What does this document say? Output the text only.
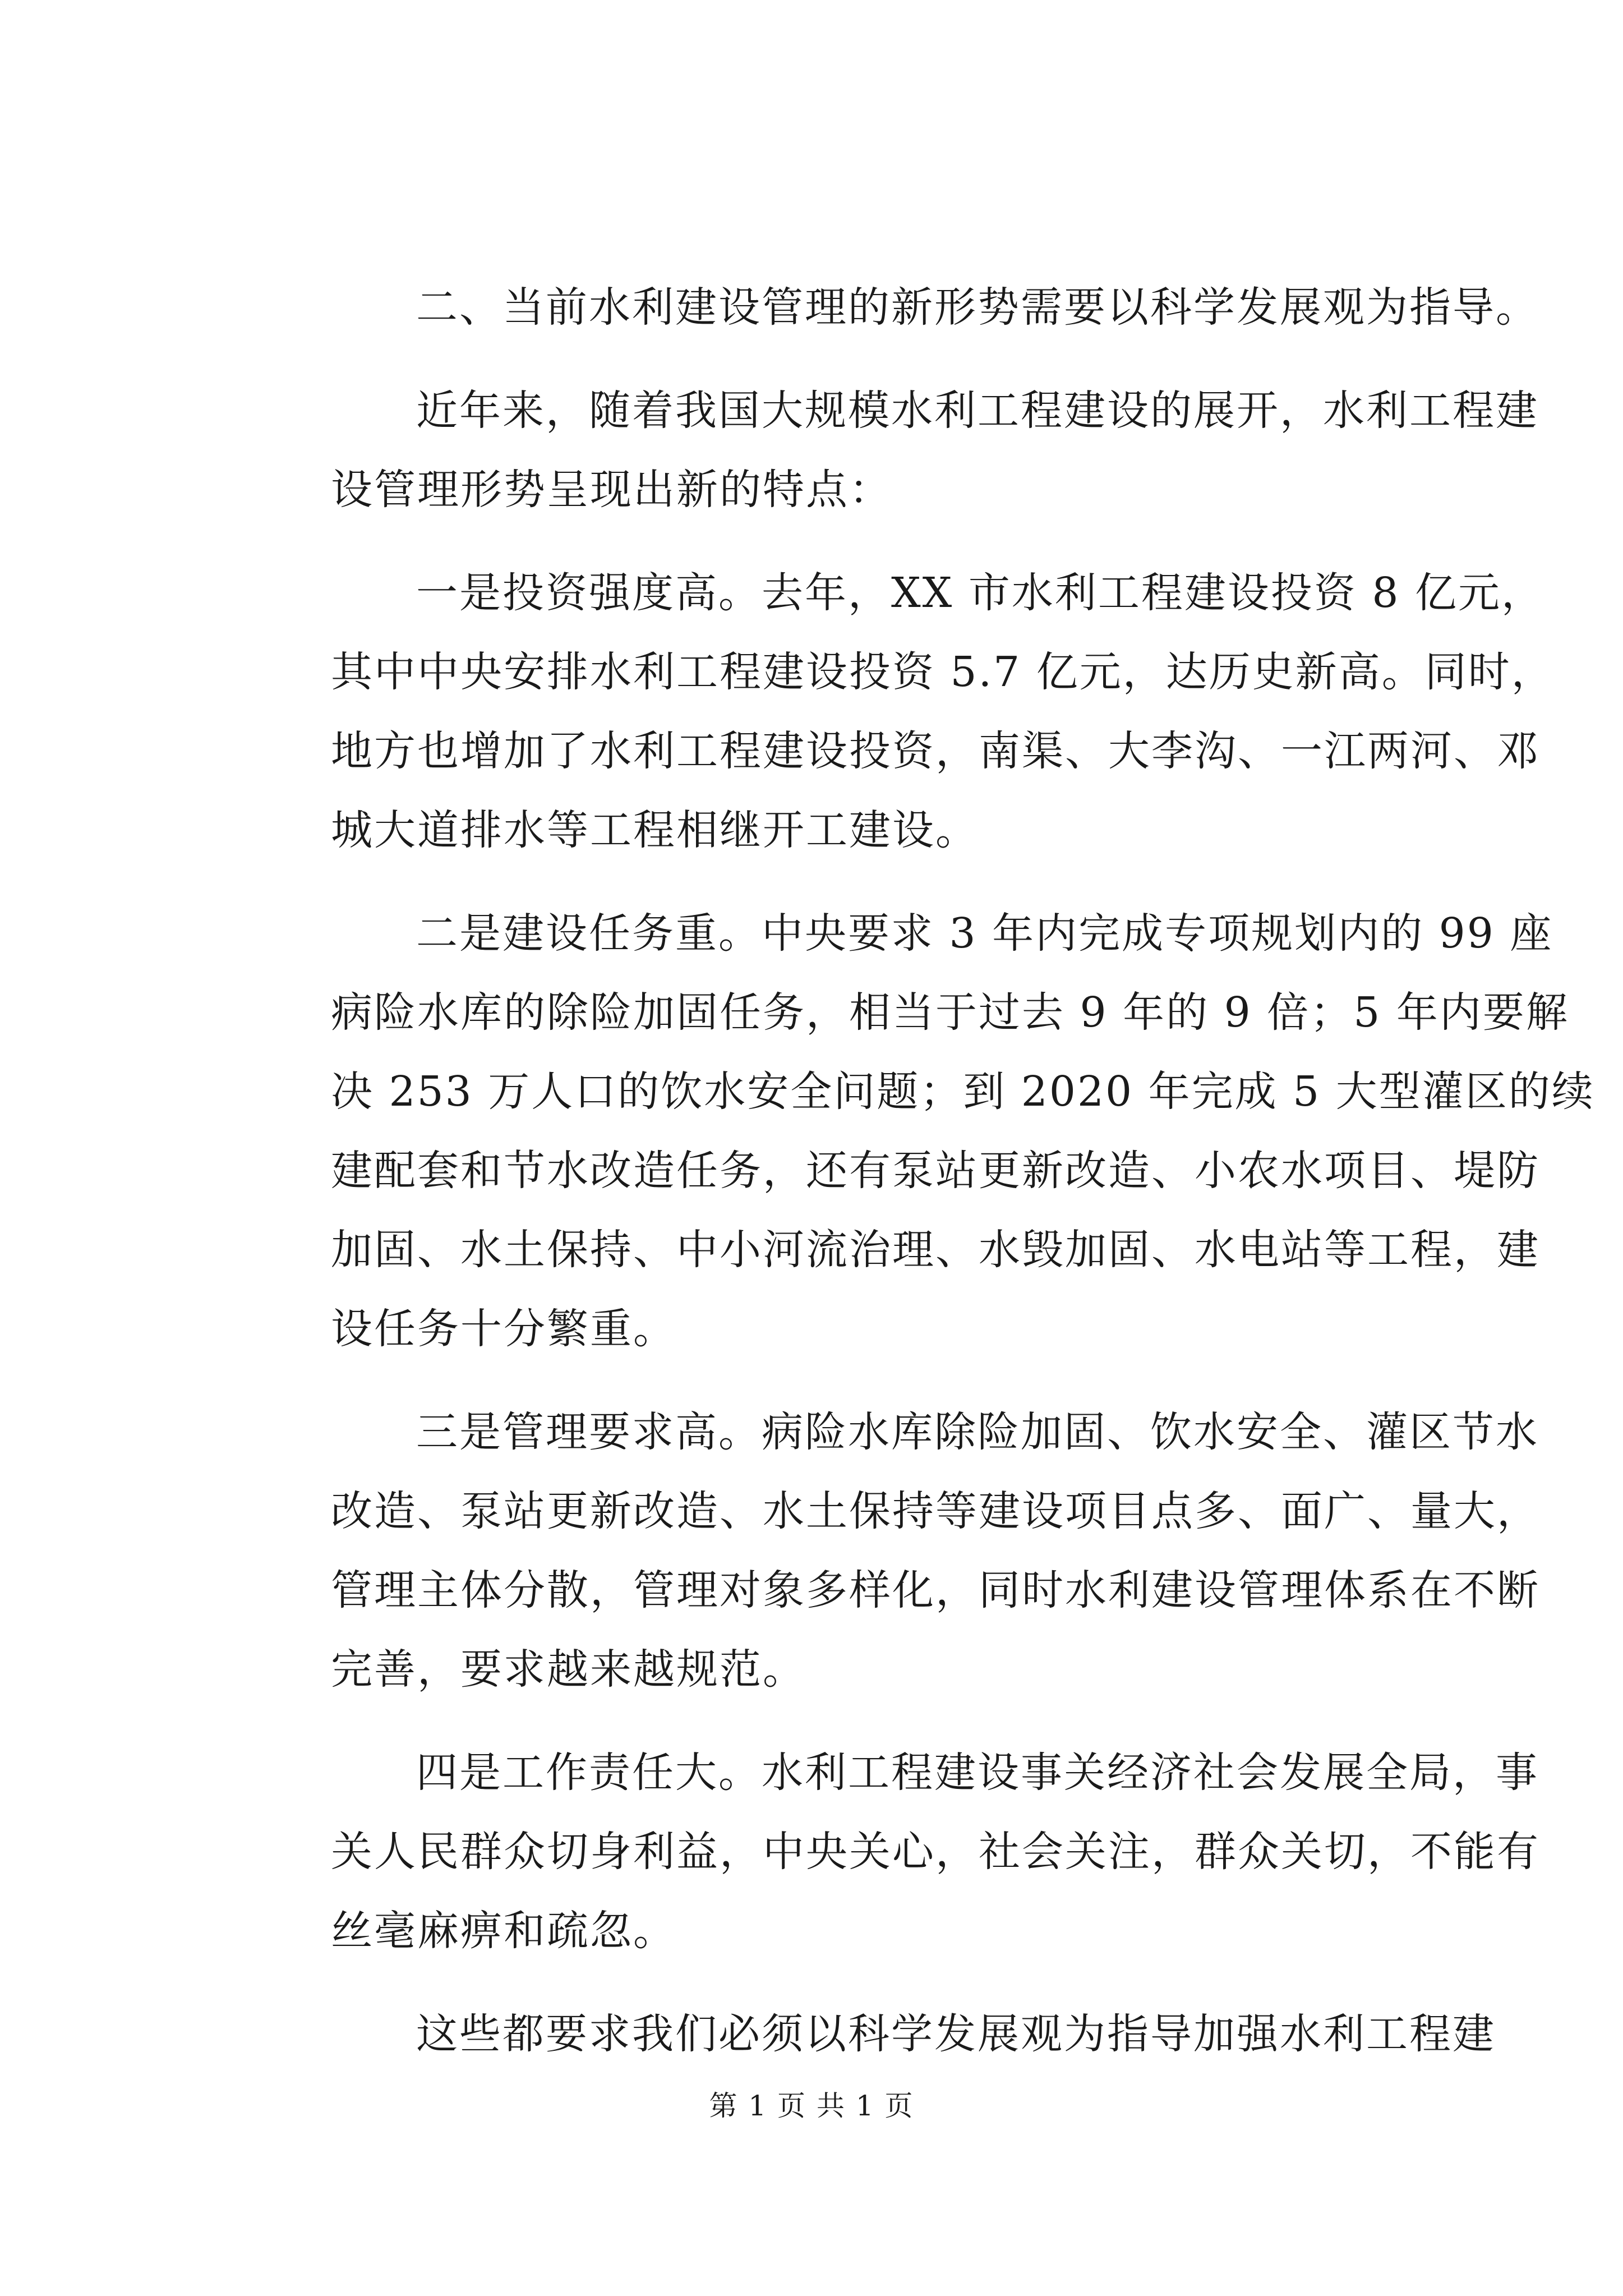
二、当前水利建设管理的新形势需要以科学发展观为指导。
近年来，随着我国大规模水利工程建设的展开，水利工程建
设管理形势呈现出新的特点：
一是投资强度高。去年，XX 市水利工程建设投资 8 亿元，
其中中央安排水利工程建设投资 5.7 亿元，达历史新高。同时，
地方也增加了水利工程建设投资，南渠、大李沟、一江两河、邓
城大道排水等工程相继开工建设。
二是建设任务重。中央要求 3 年内完成专项规划内的 99 座
病险水库的除险加固任务，相当于过去 9 年的 9 倍；5 年内要解
决 253 万人口的饮水安全问题；到 2020 年完成 5 大型灌区的续
建配套和节水改造任务，还有泵站更新改造、小农水项目、堤防
加固、水土保持、中小河流治理、水毁加固、水电站等工程，建
设任务十分繁重。
三是管理要求高。病险水库除险加固、饮水安全、灌区节水
改造、泵站更新改造、水土保持等建设项目点多、面广、量大，
管理主体分散，管理对象多样化，同时水利建设管理体系在不断
完善，要求越来越规范。
四是工作责任大。水利工程建设事关经济社会发展全局，事
关人民群众切身利益，中央关心，社会关注，群众关切，不能有
丝毫麻痹和疏忽。
这些都要求我们必须以科学发展观为指导加强水利工程建
第 1 页 共 1 页
